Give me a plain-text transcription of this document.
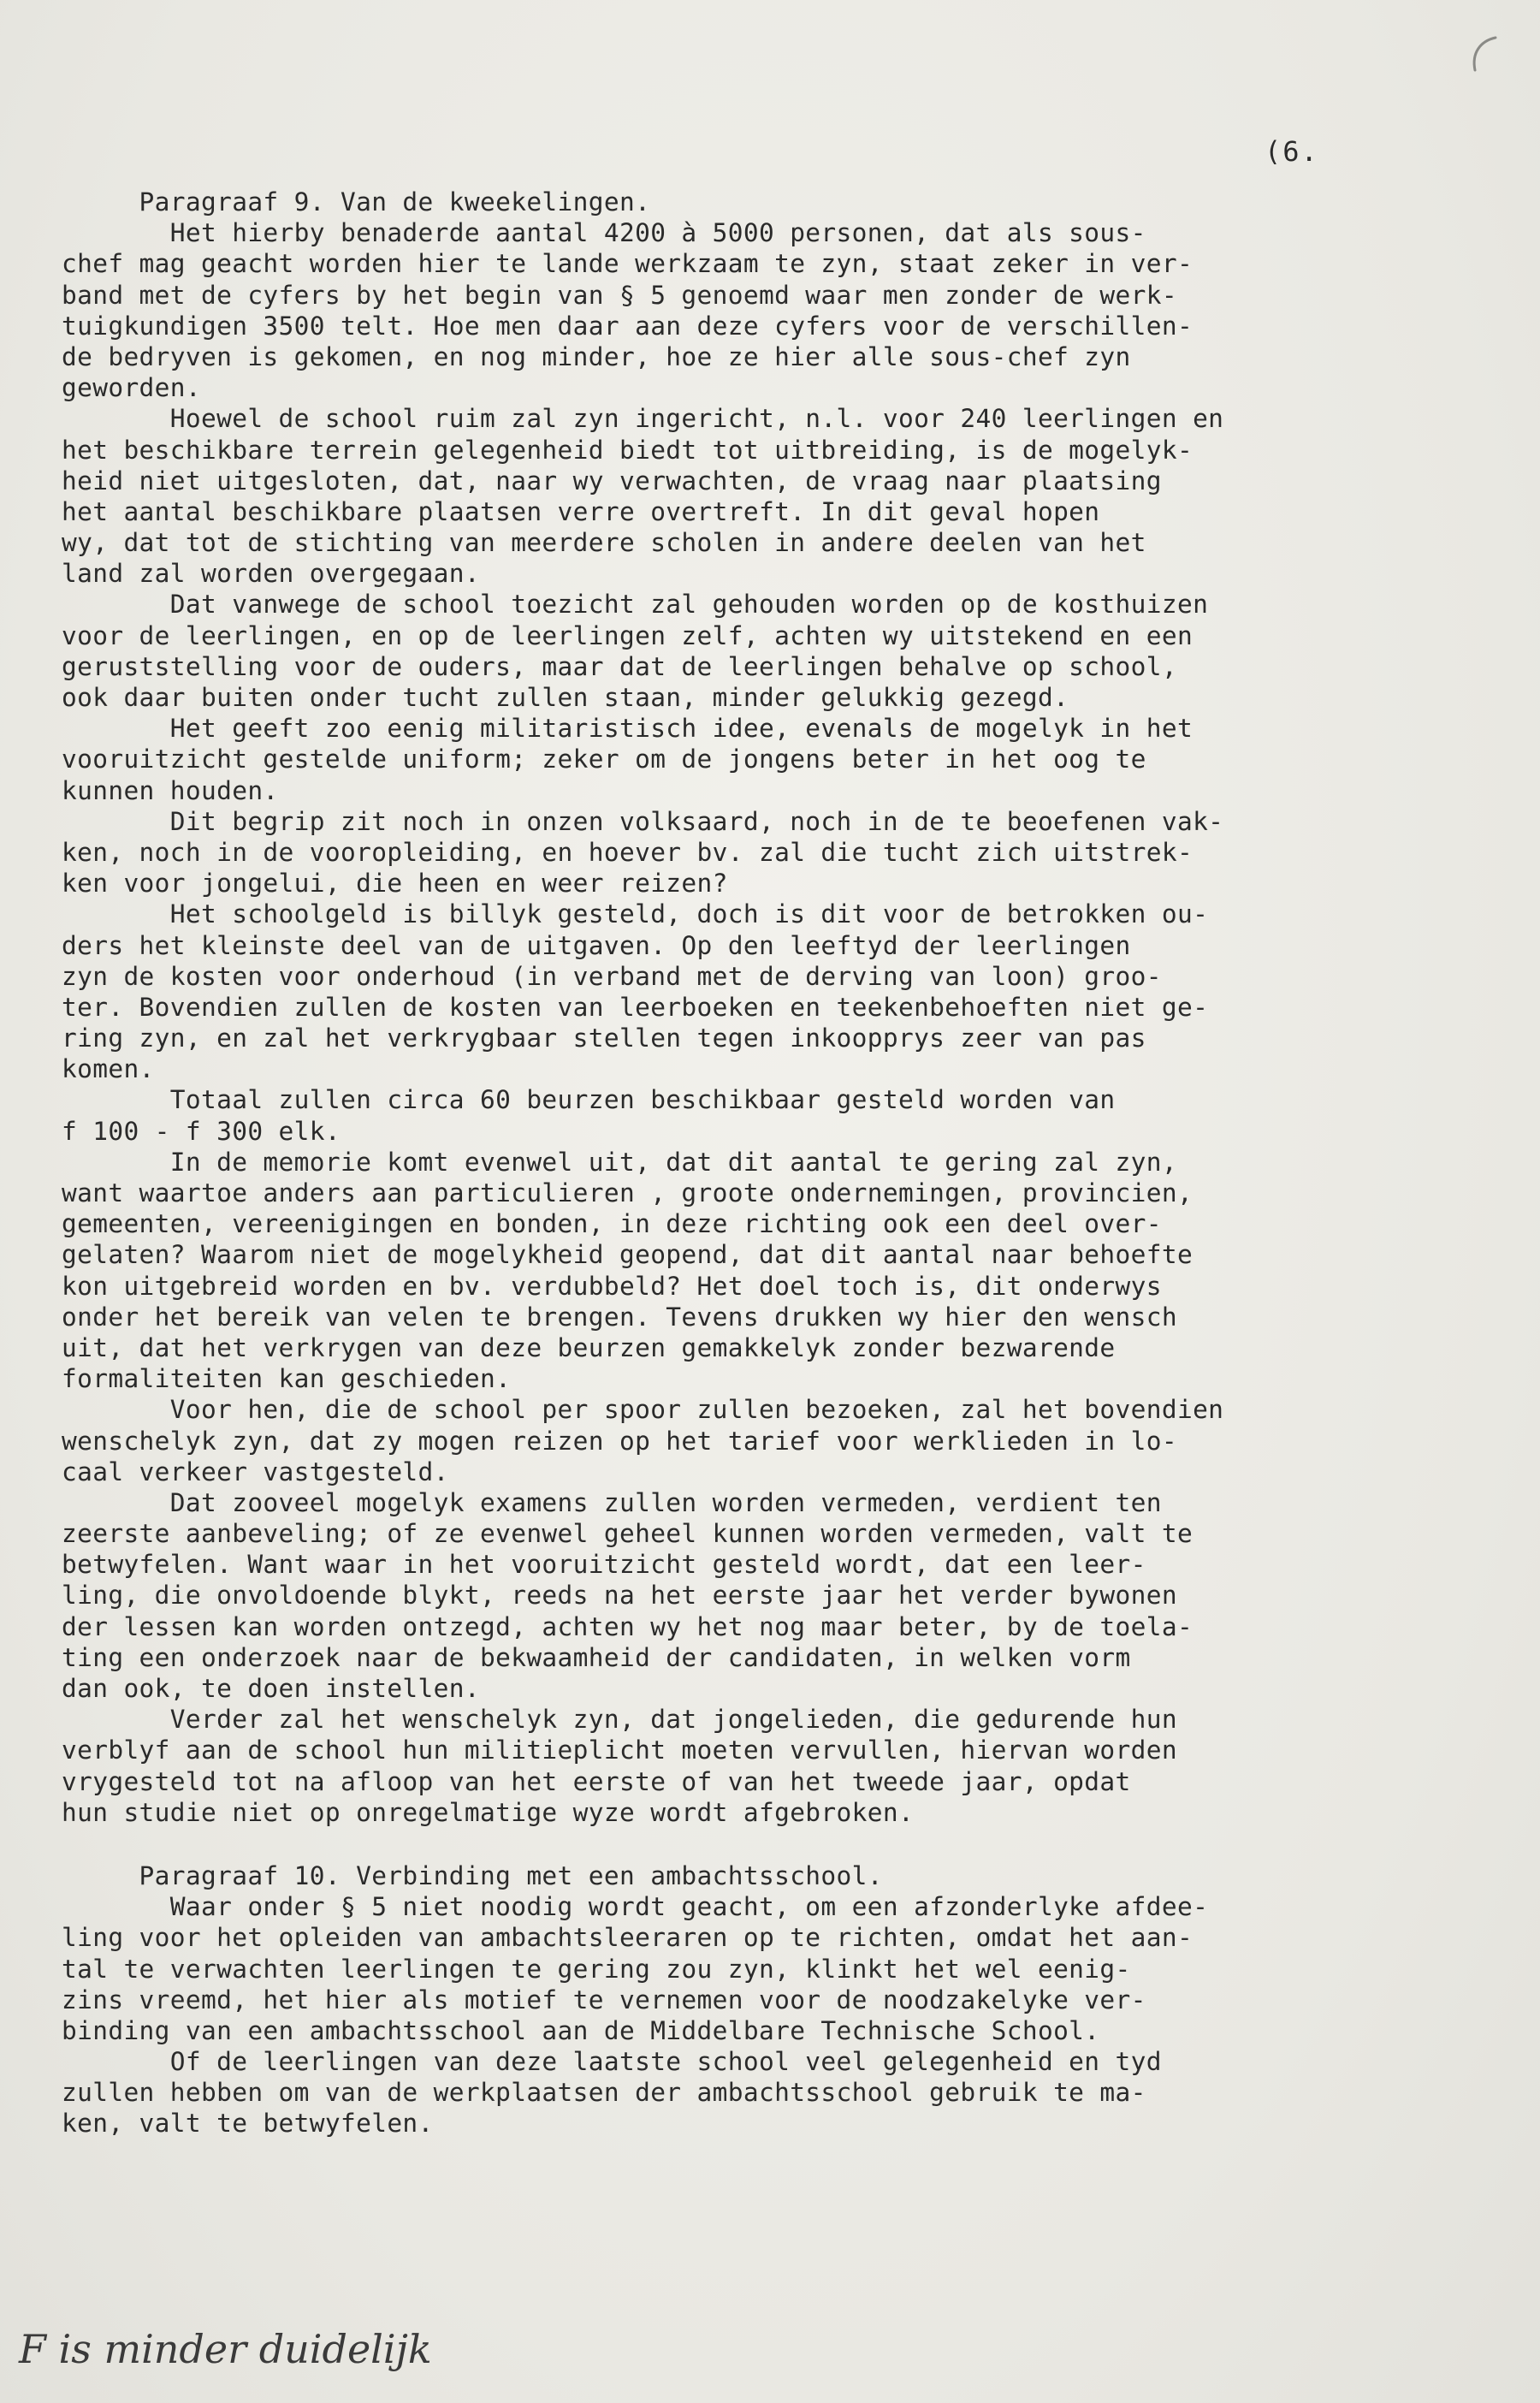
(6.
Paragraaf 9. Van de kweekelingen.
Het hierby benaderde aantal 4200 à 5000 personen, dat als sous-
chef mag geacht worden hier te lande werkzaam te zyn, staat zeker in ver-
band met de cyfers by het begin van § 5 genoemd waar men zonder de werk-
tuigkundigen 3500 telt. Hoe men daar aan deze cyfers voor de verschillen-
de bedryven is gekomen, en nog minder, hoe ze hier alle sous-chef zyn
geworden.
Hoewel de school ruim zal zyn ingericht, n.l. voor 240 leerlingen en
het beschikbare terrein gelegenheid biedt tot uitbreiding, is de mogelyk-
heid niet uitgesloten, dat, naar wy verwachten, de vraag naar plaatsing
het aantal beschikbare plaatsen verre overtreft. In dit geval hopen
wy, dat tot de stichting van meerdere scholen in andere deelen van het
land zal worden overgegaan.
Dat vanwege de school toezicht zal gehouden worden op de kosthuizen
voor de leerlingen, en op de leerlingen zelf, achten wy uitstekend en een
geruststelling voor de ouders, maar dat de leerlingen behalve op school,
ook daar buiten onder tucht zullen staan, minder gelukkig gezegd.
Het geeft zoo eenig militaristisch idee, evenals de mogelyk in het
vooruitzicht gestelde uniform; zeker om de jongens beter in het oog te
kunnen houden.
Dit begrip zit noch in onzen volksaard, noch in de te beoefenen vak-
ken, noch in de vooropleiding, en hoever bv. zal die tucht zich uitstrek-
ken voor jongelui, die heen en weer reizen?
Het schoolgeld is billyk gesteld, doch is dit voor de betrokken ou-
ders het kleinste deel van de uitgaven. Op den leeftyd der leerlingen
zyn de kosten voor onderhoud (in verband met de derving van loon) groo-
ter. Bovendien zullen de kosten van leerboeken en teekenbehoeften niet ge-
ring zyn, en zal het verkrygbaar stellen tegen inkoopprys zeer van pas
komen.
Totaal zullen circa 60 beurzen beschikbaar gesteld worden van
f 100 - f 300 elk.
In de memorie komt evenwel uit, dat dit aantal te gering zal zyn,
want waartoe anders aan particulieren , groote ondernemingen, provincien,
gemeenten, vereenigingen en bonden, in deze richting ook een deel over-
gelaten? Waarom niet de mogelykheid geopend, dat dit aantal naar behoefte
kon uitgebreid worden en bv. verdubbeld? Het doel toch is, dit onderwys
onder het bereik van velen te brengen. Tevens drukken wy hier den wensch
uit, dat het verkrygen van deze beurzen gemakkelyk zonder bezwarende
formaliteiten kan geschieden.
Voor hen, die de school per spoor zullen bezoeken, zal het bovendien
wenschelyk zyn, dat zy mogen reizen op het tarief voor werklieden in lo-
caal verkeer vastgesteld.
Dat zooveel mogelyk examens zullen worden vermeden, verdient ten
zeerste aanbeveling; of ze evenwel geheel kunnen worden vermeden, valt te
betwyfelen. Want waar in het vooruitzicht gesteld wordt, dat een leer-
ling, die onvoldoende blykt, reeds na het eerste jaar het verder bywonen
der lessen kan worden ontzegd, achten wy het nog maar beter, by de toela-
ting een onderzoek naar de bekwaamheid der candidaten, in welken vorm
dan ook, te doen instellen.
Verder zal het wenschelyk zyn, dat jongelieden, die gedurende hun
verblyf aan de school hun militieplicht moeten vervullen, hiervan worden
vrygesteld tot na afloop van het eerste of van het tweede jaar, opdat
hun studie niet op onregelmatige wyze wordt afgebroken.
Paragraaf 10. Verbinding met een ambachtsschool.
Waar onder § 5 niet noodig wordt geacht, om een afzonderlyke afdee-
ling voor het opleiden van ambachtsleeraren op te richten, omdat het aan-
tal te verwachten leerlingen te gering zou zyn, klinkt het wel eenig-
zins vreemd, het hier als motief te vernemen voor de noodzakelyke ver-
binding van een ambachtsschool aan de Middelbare Technische School.
Of de leerlingen van deze laatste school veel gelegenheid en tyd
zullen hebben om van de werkplaatsen der ambachtsschool gebruik te ma-
ken, valt te betwyfelen.
F is minder duidelijk
